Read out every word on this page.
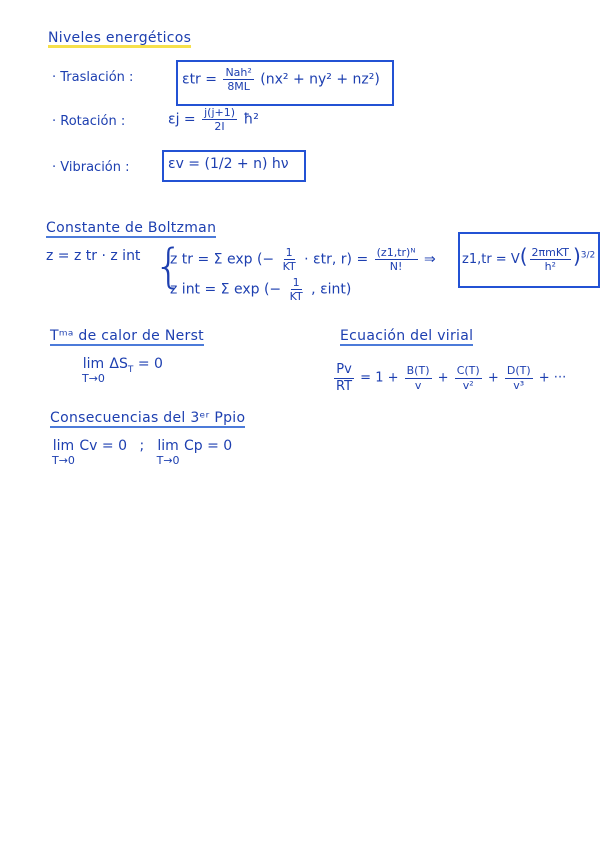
Niveles energéticos
· Traslación :	$\varepsilon tr = \frac{\text{Nah²}}{8ML} (nx^2 + ny^2 + nz^2)$
· Rotación :	$\varepsilon j = \frac{j(j+1)}{2I}$ ħ²
· Vibración :	εv = (1/2 + n) hν
Constante de Boltzman
z = z tr · z int {
z tr = Σ exp (− $\frac{1}{KT} \cdot \varepsilon tr$, $r) = \frac{\text{(z1,tr)ᴺ}}{N!}$ ⇒ $z1,tr = V( \frac{\text{2πmKT}}{\text{h²}} )^{3/2}$
z int = Σ exp (− $\frac{1}{KT}$ , εint)
Tᵐᵃ de calor de Nerst
lim
T→0
$\Delta S_T = 0$
Ecuación del virial
$\frac{Pv}{RT} = 1 + \frac{B(T)}{v} + \frac{C(T)}{\text{v²}} + \frac{D(T)}{\text{v³}}$ + ···
Consecuencias del 3ᵉʳ Ppio
lim
T→0
Cv = 0 ; lim
T→0
Cp = 0
